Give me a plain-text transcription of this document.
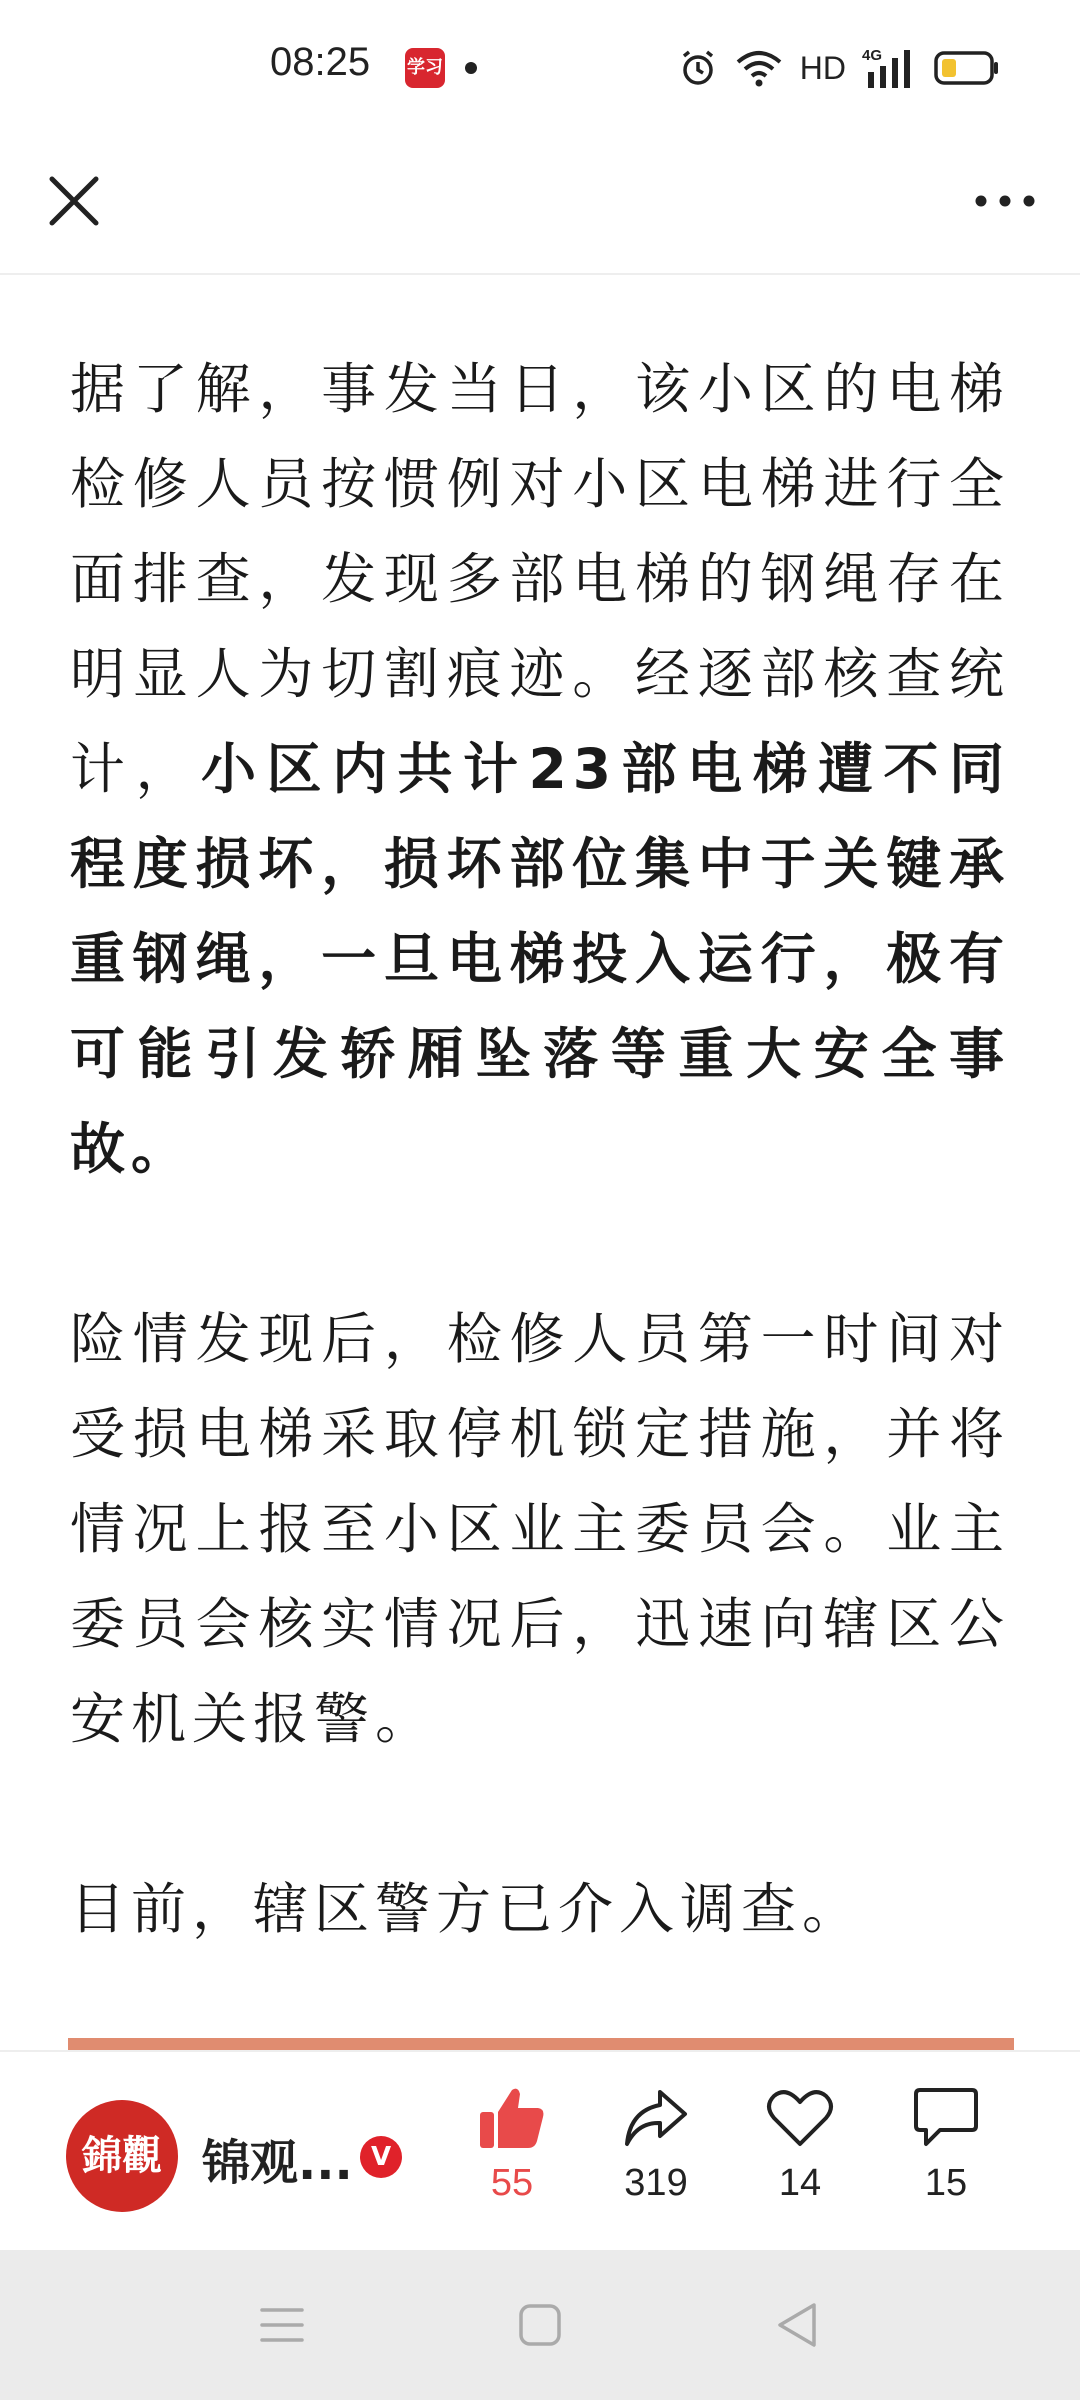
08:25 学习	HD 4G

据了解，事发当日，该小区的电梯检修人员按惯例对小区电梯进行全面排查，发现多部电梯的钢绳存在明显人为切割痕迹。经逐部核查统计，小区内共计23部电梯遭不同程度损坏，损坏部位集中于关键承重钢绳，一旦电梯投入运行，极有可能引发轿厢坠落等重大安全事故。

险情发现后，检修人员第一时间对受损电梯采取停机锁定措施，并将情况上报至小区业主委员会。业主委员会核实情况后，迅速向辖区公安机关报警。

目前，辖区警方已介入调查。

錦觀 锦观... V
55	319	14	15
